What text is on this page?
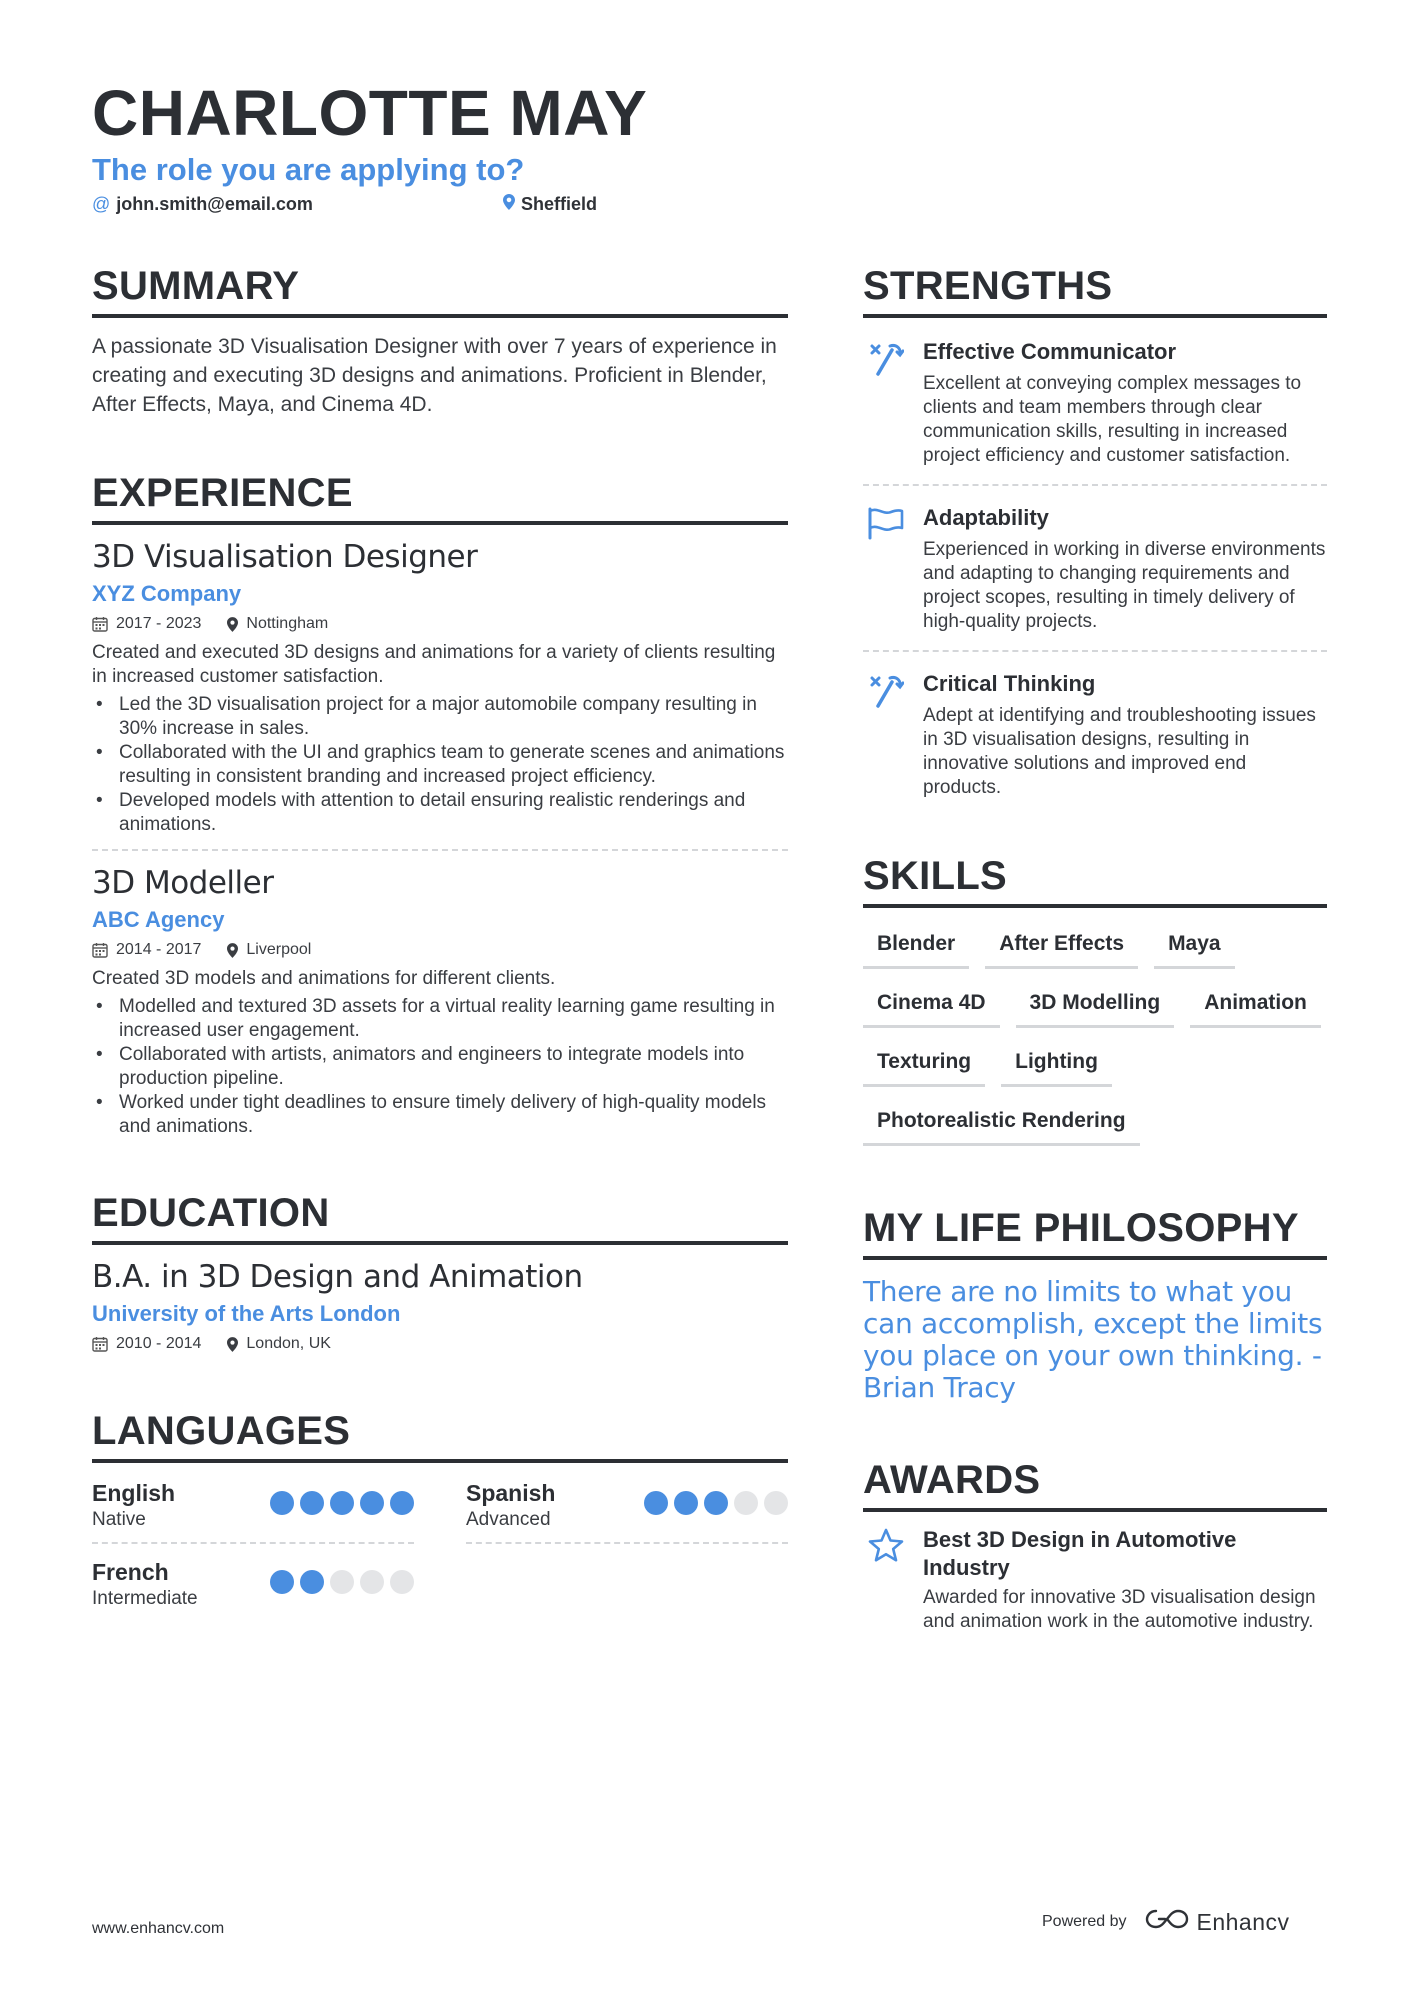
CHARLOTTE MAY
The role you are applying to?
@ john.smith@email.com	Sheffield
SUMMARY
A passionate 3D Visualisation Designer with over 7 years of experience in creating and executing 3D designs and animations. Proficient in Blender, After Effects, Maya, and Cinema 4D.
EXPERIENCE
3D Visualisation Designer
XYZ Company
2017 - 2023	Nottingham
Created and executed 3D designs and animations for a variety of clients resulting in increased customer satisfaction.
• Led the 3D visualisation project for a major automobile company resulting in 30% increase in sales.
• Collaborated with the UI and graphics team to generate scenes and animations resulting in consistent branding and increased project efficiency.
• Developed models with attention to detail ensuring realistic renderings and animations.
3D Modeller
ABC Agency
2014 - 2017	Liverpool
Created 3D models and animations for different clients.
• Modelled and textured 3D assets for a virtual reality learning game resulting in increased user engagement.
• Collaborated with artists, animators and engineers to integrate models into production pipeline.
• Worked under tight deadlines to ensure timely delivery of high-quality models and animations.
EDUCATION
B.A. in 3D Design and Animation
University of the Arts London
2010 - 2014	London, UK
LANGUAGES
English
Native
Spanish
Advanced
French
Intermediate
STRENGTHS
Effective Communicator
Excellent at conveying complex messages to clients and team members through clear communication skills, resulting in increased project efficiency and customer satisfaction.
Adaptability
Experienced in working in diverse environments and adapting to changing requirements and project scopes, resulting in timely delivery of high-quality projects.
Critical Thinking
Adept at identifying and troubleshooting issues in 3D visualisation designs, resulting in innovative solutions and improved end products.
SKILLS
Blender	After Effects	Maya
Cinema 4D	3D Modelling	Animation
Texturing	Lighting
Photorealistic Rendering
MY LIFE PHILOSOPHY
There are no limits to what you can accomplish, except the limits you place on your own thinking. - Brian Tracy
AWARDS
Best 3D Design in Automotive Industry
Awarded for innovative 3D visualisation design and animation work in the automotive industry.
www.enhancv.com	Powered by	Enhancv
